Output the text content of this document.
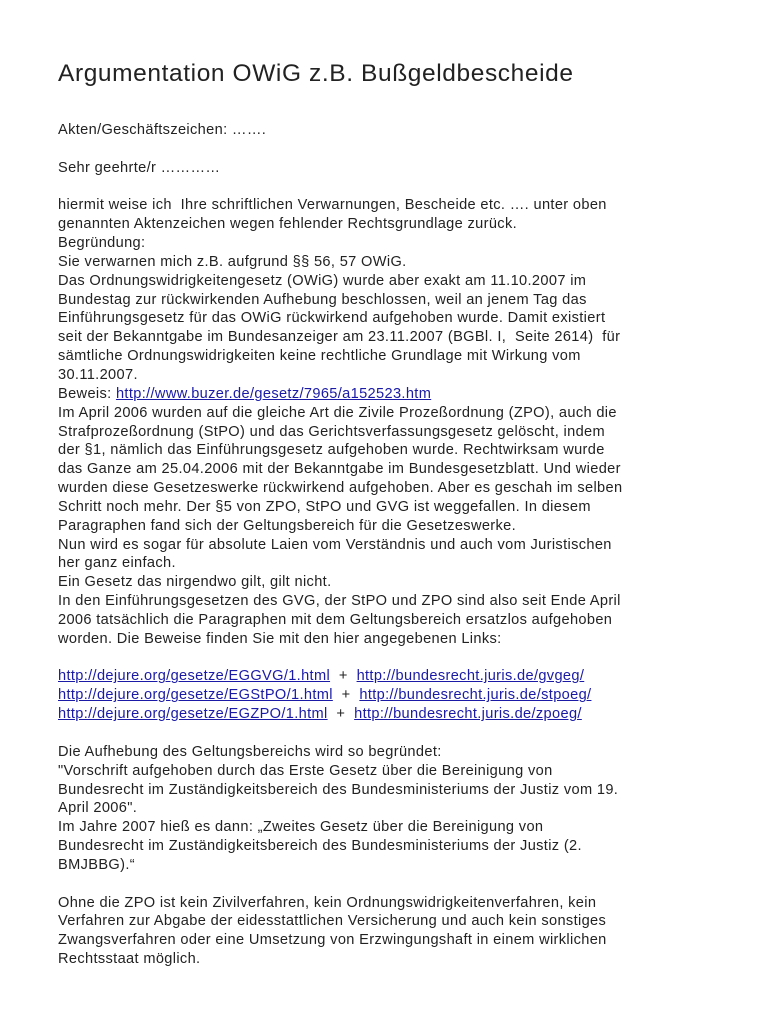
Argumentation OWiG z.B. Bußgeldbescheide
Akten/Geschäftszeichen: …….
Sehr geehrte/r …………
hiermit weise ich  Ihre schriftlichen Verwarnungen, Bescheide etc. …. unter oben
genannten Aktenzeichen wegen fehlender Rechtsgrundlage zurück.
Begründung:
Sie verwarnen mich z.B. aufgrund §§ 56, 57 OWiG.
Das Ordnungswidrigkeitengesetz (OWiG) wurde aber exakt am 11.10.2007 im
Bundestag zur rückwirkenden Aufhebung beschlossen, weil an jenem Tag das
Einführungsgesetz für das OWiG rückwirkend aufgehoben wurde. Damit existiert
seit der Bekanntgabe im Bundesanzeiger am 23.11.2007 (BGBl. I,  Seite 2614)  für
sämtliche Ordnungswidrigkeiten keine rechtliche Grundlage mit Wirkung vom
30.11.2007.
Beweis: http://www.buzer.de/gesetz/7965/a152523.htm
Im April 2006 wurden auf die gleiche Art die Zivile Prozeßordnung (ZPO), auch die
Strafprozeßordnung (StPO) und das Gerichtsverfassungsgesetz gelöscht, indem
der §1, nämlich das Einführungsgesetz aufgehoben wurde. Rechtwirksam wurde
das Ganze am 25.04.2006 mit der Bekanntgabe im Bundesgesetzblatt. Und wieder
wurden diese Gesetzeswerke rückwirkend aufgehoben. Aber es geschah im selben
Schritt noch mehr. Der §5 von ZPO, StPO und GVG ist weggefallen. In diesem
Paragraphen fand sich der Geltungsbereich für die Gesetzeswerke.
Nun wird es sogar für absolute Laien vom Verständnis und auch vom Juristischen
her ganz einfach.
Ein Gesetz das nirgendwo gilt, gilt nicht.
In den Einführungsgesetzen des GVG, der StPO und ZPO sind also seit Ende April
2006 tatsächlich die Paragraphen mit dem Geltungsbereich ersatzlos aufgehoben
worden. Die Beweise finden Sie mit den hier angegebenen Links:
http://dejure.org/gesetze/EGGVG/1.html  +  http://bundesrecht.juris.de/gvgeg/
http://dejure.org/gesetze/EGStPO/1.html  +  http://bundesrecht.juris.de/stpoeg/
http://dejure.org/gesetze/EGZPO/1.html  +  http://bundesrecht.juris.de/zpoeg/
Die Aufhebung des Geltungsbereichs wird so begründet:
"Vorschrift aufgehoben durch das Erste Gesetz über die Bereinigung von
Bundesrecht im Zuständigkeitsbereich des Bundesministeriums der Justiz vom 19.
April 2006".
Im Jahre 2007 hieß es dann: „Zweites Gesetz über die Bereinigung von
Bundesrecht im Zuständigkeitsbereich des Bundesministeriums der Justiz (2.
BMJBBG).“
Ohne die ZPO ist kein Zivilverfahren, kein Ordnungswidrigkeitenverfahren, kein
Verfahren zur Abgabe der eidesstattlichen Versicherung und auch kein sonstiges
Zwangsverfahren oder eine Umsetzung von Erzwingungshaft in einem wirklichen
Rechtsstaat möglich.
